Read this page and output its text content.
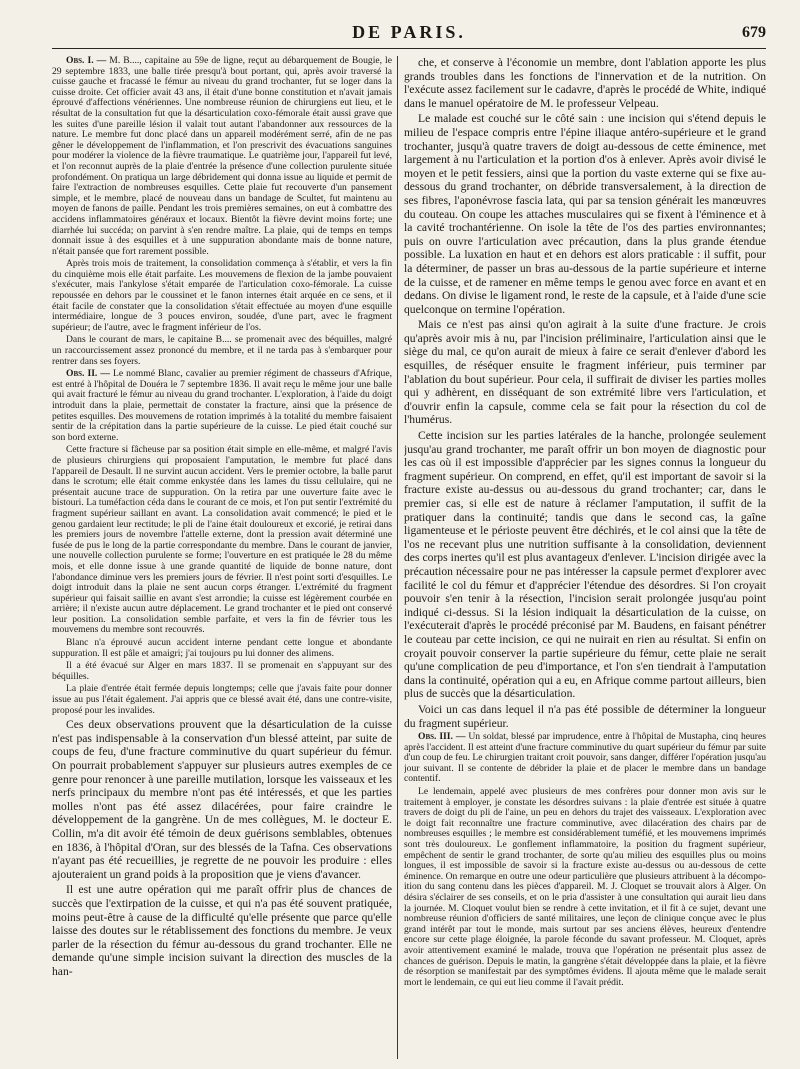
DE PARIS.	679

Obs. I. — M. B...., capitaine au 59e de ligne, reçut au débarquement de Bougie, le 29 septembre 1833, une balle tirée presqu'à bout portant, qui, après avoir traversé la cuisse gauche et fracassé le fémur au niveau du grand trochanter, fut se loger dans la cuisse droite. Cet officier avait 43 ans, il était d'une bonne constitution et n'avait jamais éprouvé d'affections vénériennes. Une nombreuse réunion de chirurgiens eut lieu, et le résultat de la consultation fut que la désarticulation coxo-fémorale était aussi grave que les suites d'une pareille lésion il valait tout autant l'abandonner aux ressources de la nature. Le membre fut donc placé dans un appareil modérément serré, afin de ne pas gêner le développement de l'inflammation, et l'on prescrivit des évacuations sanguines pour modérer la violence de la fièvre traumatique. Le quatrième jour, l'appareil fut levé, et l'on reconnut auprès de la plaie d'entrée la présence d'une collection purulente située profondément. On pratiqua un large débridement qui donna issue au liquide et permit de faire l'extraction de nombreuses esquilles. Cette plaie fut recouverte d'un pansement simple, et le membre, placé de nouveau dans un bandage de Scultet, fut maintenu au moyen de fanons de paille. Pendant les trois premières semaines, on eut à combattre des accidens inflammatoires généraux et locaux. Bientôt la fièvre devint moins forte; une diarrhée lui succéda; on parvint à s'en rendre maître. La plaie, qui de temps en temps donnait issue à des esquilles et à une suppuration abondante mais de bonne nature, n'était pansée que fort rarement possible.

Après trois mois de traitement, la consolidation commença à s'établir, et vers la fin du cinquième mois elle était parfaite. Les mouvemens de flexion de la jambe pouvaient s'exécuter, mais l'ankylose s'était emparée de l'articulation coxo-fémorale. La cuisse repoussée en dehors par le coussinet et le fanon internes était arquée en ce sens, et il était facile de constater que la consolidation s'était effectuée au moyen d'une esquille intermédiaire, longue de 3 pouces environ, soudée, d'une part, avec le fragment supérieur; de l'autre, avec le fragment inférieur de l'os.

Dans le courant de mars, le capitaine B.... se promenait avec des béquilles, malgré un raccourcissement assez prononcé du membre, et il ne tarda pas à s'embarquer pour rentrer dans ses foyers.

Obs. II. — Le nommé Blanc, cavalier au premier régiment de chasseurs d'Afrique, est entré à l'hôpital de Douéra le 7 septembre 1836. Il avait reçu le même jour une balle qui avait fracturé le fémur au niveau du grand trochanter. L'exploration, à l'aide du doigt introduit dans la plaie, permettait de constater la fracture, ainsi que la présence de petites esquilles. Des mouvemens de rotation imprimés à la totalité du membre faisaient sentir de la crépitation dans la partie supérieure de la cuisse. Le pied était couché sur son bord externe.

Cette fracture si fâcheuse par sa position était simple en elle-même, et malgré l'avis de plusieurs chirurgiens qui proposaient l'amputation, le membre fut placé dans l'appareil de Desault. Il ne survint aucun accident. Vers le premier octobre, la balle parut dans le scrotum; elle était comme enkystée dans les lames du tissu cellulaire, qui ne présentait aucune trace de suppuration. On la retira par une ouverture faite avec le bistouri. La tuméfaction céda dans le courant de ce mois, et l'on put sentir l'extrémité du fragment supérieur saillant en avant. La consolidation avait commencé; le pied et le genou gardaient leur rectitude; le pli de l'aine était douloureux et excorié, je retirai dans les premiers jours de novembre l'attelle externe, dont la pression avait déterminé une fusée de pus le long de la partie correspondante du membre. Dans le courant de janvier, une nouvelle collection purulente se forme; l'ouverture en est pratiquée le 28 du même mois, et elle donne issue à une grande quantité de liquide de bonne nature, dont l'abondance diminue vers les premiers jours de février. Il n'est point sorti d'esquilles. Le doigt introduit dans la plaie ne sent aucun corps étranger. L'extrémité du fragment supérieur qui faisait saillie en avant s'est arrondie; la cuisse est légèrement courbée en arrière; il n'existe aucun autre déplacement. Le grand trochanter et le pied ont conservé leur position. La consolidation semble parfaite, et vers la fin de février tous les mouvemens du membre sont recouvrés.

Blanc n'a éprouvé aucun accident interne pendant cette longue et abondante suppuration. Il est pâle et amaigri; j'ai toujours pu lui donner des alimens.

Il a été évacué sur Alger en mars 1837. Il se promenait en s'appuyant sur des béquilles.

La plaie d'entrée était fermée depuis longtemps; celle que j'avais faite pour donner issue au pus l'était également. J'ai appris que ce blessé avait été, dans une contre-visite, proposé pour les invalides.

Ces deux observations prouvent que la désarticulation de la cuisse n'est pas indispensable à la conservation d'un blessé atteint, par suite de coups de feu, d'une fracture comminutive du quart supérieur du fémur. On pourrait probablement s'appuyer sur plusieurs autres exemples de ce genre pour renoncer à une pareille mutilation, lorsque les vaisseaux et les nerfs principaux du membre n'ont pas été intéressés, et que les parties molles n'ont pas été assez dilacérées, pour faire craindre le développement de la gangrène. Un de mes collègues, M. le docteur E. Collin, m'a dit avoir été témoin de deux guérisons semblables, obtenues en 1836, à l'hôpital d'Oran, sur des blessés de la Tafna. Ces observations n'ayant pas été recueillies, je regrette de ne pouvoir les produire : elles ajouteraient un grand poids à la proposition que je viens d'avancer.

Il est une autre opération qui me paraît offrir plus de chances de succès que l'extirpation de la cuisse, et qui n'a pas été souvent pratiquée, moins peut-être à cause de la difficulté qu'elle présente que parce qu'elle laisse des doutes sur le rétablissement des fonctions du membre. Je veux parler de la résection du fémur au-dessous du grand trochanter. Elle ne demande qu'une simple incision suivant la direction des muscles de la han-

che, et conserve à l'économie un membre, dont l'ablation apporte les plus grands troubles dans les fonctions de l'innervation et de la nutrition. On l'exécute assez facilement sur le cadavre, d'après le procédé de White, indiqué dans le manuel opératoire de M. le professeur Velpeau.

Le malade est couché sur le côté sain : une incision qui s'étend depuis le milieu de l'espace compris entre l'épine iliaque antéro-supérieure et le grand trochanter, jusqu'à quatre travers de doigt au-dessous de cette éminence, met largement à nu l'articulation et la portion d'os à enlever. Après avoir divisé le moyen et le petit fessiers, ainsi que la portion du vaste externe qui se fixe au-dessous du grand trochanter, on débride transversalement, à la direction de ses fibres, l'aponévrose fascia lata, qui par sa tension générait les manœuvres du couteau. On coupe les attaches musculaires qui se fixent à l'éminence et à la cavité trochantérienne. On isole la tête de l'os des parties environnantes; puis on ouvre l'articulation avec précaution, dans la plus grande étendue possible. La luxation en haut et en dehors est alors praticable : il suffit, pour la déterminer, de passer un bras au-dessous de la partie supérieure et interne de la cuisse, et de ramener en même temps le genou avec force en avant et en dedans. On divise le ligament rond, le reste de la capsule, et à l'aide d'une scie quelconque on termine l'opération.

Mais ce n'est pas ainsi qu'on agirait à la suite d'une fracture. Je crois qu'après avoir mis à nu, par l'incision préliminaire, l'articulation ainsi que le siège du mal, ce qu'on aurait de mieux à faire ce serait d'enlever d'abord les esquilles, de réséquer ensuite le fragment inférieur, puis terminer par l'ablation du bout supérieur. Pour cela, il suffirait de diviser les parties molles qui y adhèrent, en disséquant de son extrémité libre vers l'articulation, et d'ouvrir enfin la capsule, comme cela se fait pour la résection du col de l'humérus.

Cette incision sur les parties latérales de la hanche, prolongée seulement jusqu'au grand trochanter, me paraît offrir un bon moyen de diagnostic pour les cas où il est impossible d'apprécier par les signes connus la longueur du fragment supérieur. On comprend, en effet, qu'il est important de savoir si la fracture existe au-dessus ou au-dessous du grand trochanter; car, dans le premier cas, si elle est de nature à réclamer l'amputation, il suffit de la pratiquer dans la continuité; tandis que dans le second cas, la gaîne ligamenteuse et le périoste peuvent être déchirés, et le col ainsi que la tête de l'os ne recevant plus une nutrition suffisante à la consolidation, deviennent des corps inertes qu'il est plus avantageux d'enlever. L'incision dirigée avec la précaution nécessaire pour ne pas intéresser la capsule permet d'explorer avec facilité le col du fémur et d'apprécier l'étendue des désordres. Si l'on croyait pouvoir s'en tenir à la résection, l'incision serait prolongée jusqu'au point indiqué ci-dessus. Si la lésion indiquait la désarticulation de la cuisse, on l'exécuterait d'après le procédé préconisé par M. Baudens, en faisant pénétrer le couteau par cette incision, ce qui ne nuirait en rien au résultat. Si enfin on croyait pouvoir conserver la partie supérieure du fémur, cette plaie ne serait qu'une complication de peu d'importance, et l'on s'en tiendrait à l'amputation dans la continuité, opération qui a eu, en Afrique comme partout ailleurs, bien plus de succès que la désarticulation.

Voici un cas dans lequel il n'a pas été possible de déterminer la longueur du fragment supérieur.

Obs. III. — Un soldat, blessé par imprudence, entre à l'hôpital de Mustapha, cinq heures après l'accident. Il est atteint d'une fracture comminutive du quart supérieur du fémur par suite d'un coup de feu. Le chirurgien traitant croit pouvoir, sans danger, différer l'opération jusqu'au jour suivant. Il se contente de débrider la plaie et de placer le membre dans un bandage contentif.

Le lendemain, appelé avec plusieurs de mes confrères pour donner mon avis sur le traitement à employer, je constate les désordres suivans : la plaie d'entrée est située à quatre travers de doigt du pli de l'aine, un peu en dehors du trajet des vaisseaux. L'exploration avec le doigt fait reconnaître une fracture comminutive, avec dilacération des chairs par de nombreuses esquilles ; le membre est considérablement tuméfié, et les mouvemens imprimés sont très douloureux. Le gonflement inflammatoire, la position du fragment supérieur, empêchent de sentir le grand trochanter, de sorte qu'au milieu des esquilles plus ou moins longues, il est impossible de savoir si la fracture existe au-dessus ou au-dessous de cette éminence. On remarque en outre une odeur particulière que plusieurs attribuent à la décompo-ition du sang contenu dans les pièces d'appareil. M. J. Cloquet se trouvait alors à Alger. On désira s'éclairer de ses conseils, et on le pria d'assister à une consultation qui aurait lieu dans la journée. M. Cloquet voulut bien se rendre à cette invitation, et il fit à ce sujet, devant une nombreuse réunion d'officiers de santé militaires, une leçon de clinique conçue avec le plus grand intérêt par tout le monde, mais surtout par ses anciens élèves, heureux d'entendre encore sur cette plage éloignée, la parole féconde du savant professeur. M. Cloquet, après avoir attentivement examiné le malade, trouva que l'opération ne présentait plus assez de chances de guérison. Depuis le matin, la gangrène s'était développée dans la plaie, et la fièvre de résorption se manifestait par des symptômes évidens. Il ajouta même que le malade serait mort le lendemain, ce qui eut lieu comme il l'avait prédit.
